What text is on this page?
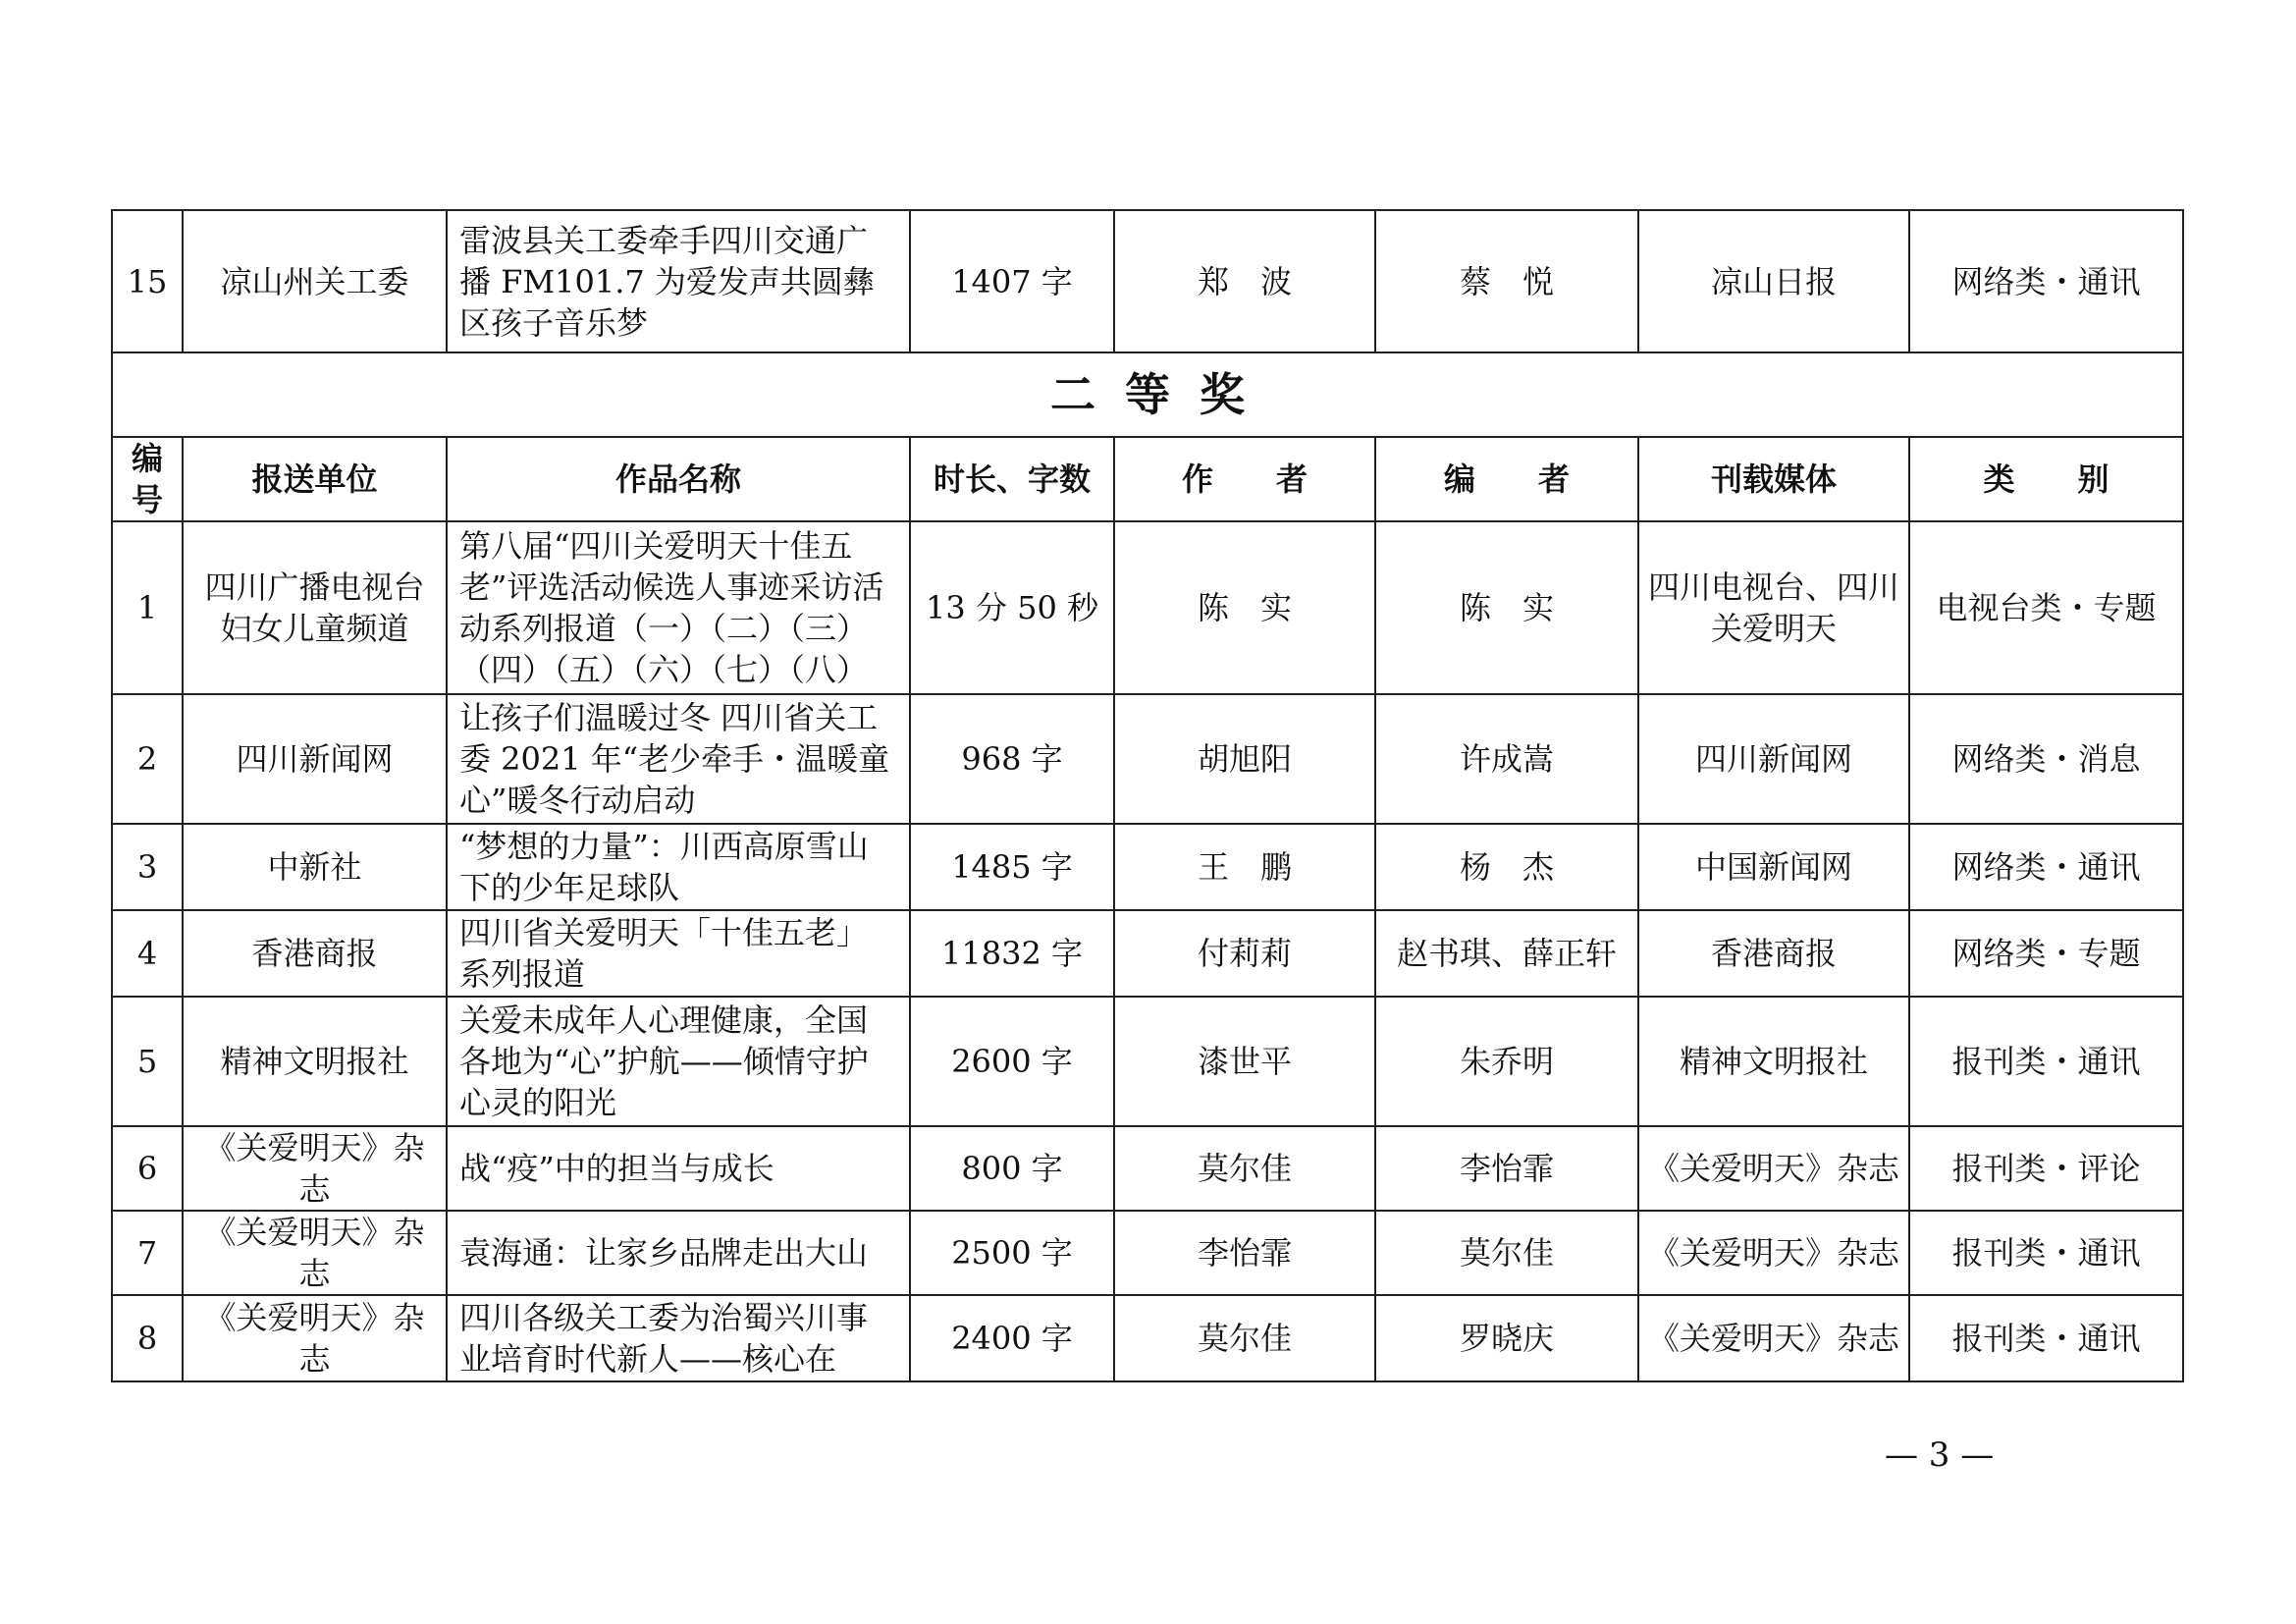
15	凉山州关工委	雷波县关工委牵手四川交通广播 FM101.7 为爱发声共圆彝区孩子音乐梦	1407 字	郑　波	蔡　悦	凉山日报	网络类・通讯
二等奖							
编号	报送单位	作品名称	时长、字数	作　　者	编　　者	刊载媒体	类　　别
1	四川广播电视台妇女儿童频道	第八届“四川关爱明天十佳五老”评选活动候选人事迹采访活动系列报道（一）（二）（三）（四）（五）（六）（七）（八）	13 分 50 秒	陈　实	陈　实	四川电视台、四川关爱明天	电视台类・专题
2	四川新闻网	让孩子们温暖过冬 四川省关工委 2021 年“老少牵手・温暖童心”暖冬行动启动	968 字	胡旭阳	许成嵩	四川新闻网	网络类・消息
3	中新社	“梦想的力量”：川西高原雪山下的少年足球队	1485 字	王　鹏	杨　杰	中国新闻网	网络类・通讯
4	香港商报	四川省关爱明天「十佳五老」系列报道	11832 字	付莉莉	赵书琪、薛正轩	香港商报	网络类・专题
5	精神文明报社	关爱未成年人心理健康，全国各地为“心”护航——倾情守护心灵的阳光	2600 字	漆世平	朱乔明	精神文明报社	报刊类・通讯
6	《关爱明天》杂志	战“疫”中的担当与成长	800 字	莫尔佳	李怡霏	《关爱明天》杂志	报刊类・评论
7	《关爱明天》杂志	袁海通：让家乡品牌走出大山	2500 字	李怡霏	莫尔佳	《关爱明天》杂志	报刊类・通讯
8	《关爱明天》杂志	四川各级关工委为治蜀兴川事业培育时代新人——核心在	2400 字	莫尔佳	罗晓庆	《关爱明天》杂志	报刊类・通讯
— 3 —
